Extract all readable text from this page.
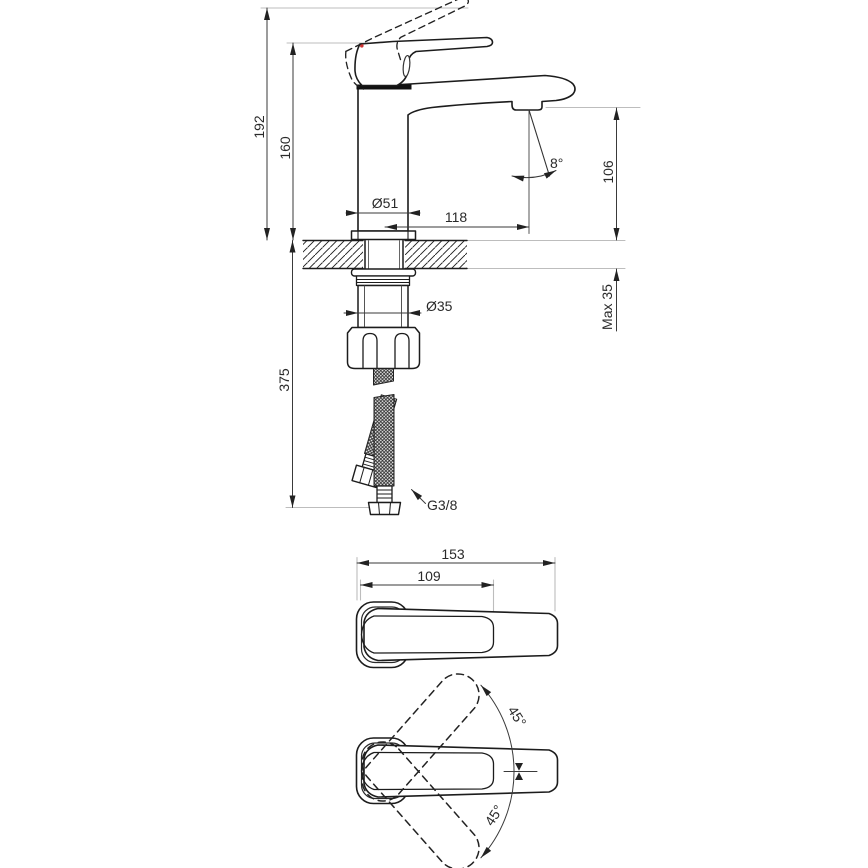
192
160
375
106
Max 35
Ø51
118
8°
Ø35
G3/8
153
109
45°
45°
